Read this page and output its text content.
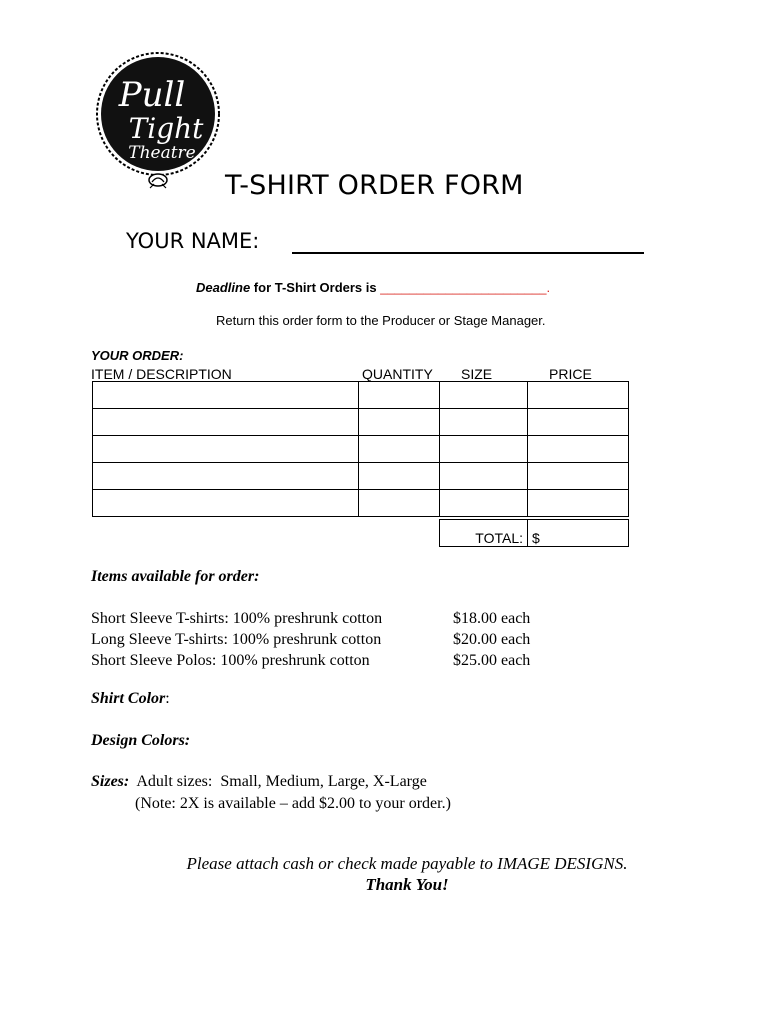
Pull
Tight
Theatre
T-SHIRT ORDER FORM
YOUR NAME:
Deadline for T-Shirt Orders is _______________________.
Return this order form to the Producer or Stage Manager.
YOUR ORDER:
ITEM / DESCRIPTION	QUANTITY SIZE	PRICE

TOTAL:	$
Items available for order:
Short Sleeve T-shirts: 100% preshrunk cotton	$18.00 each
Long Sleeve T-shirts: 100% preshrunk cotton	$20.00 each
Short Sleeve Polos: 100% preshrunk cotton	$25.00 each
Shirt Color:
Design Colors:
Sizes:  Adult sizes:  Small, Medium, Large, X-Large
(Note: 2X is available – add $2.00 to your order.)
Please attach cash or check made payable to IMAGE DESIGNS.
Thank You!
